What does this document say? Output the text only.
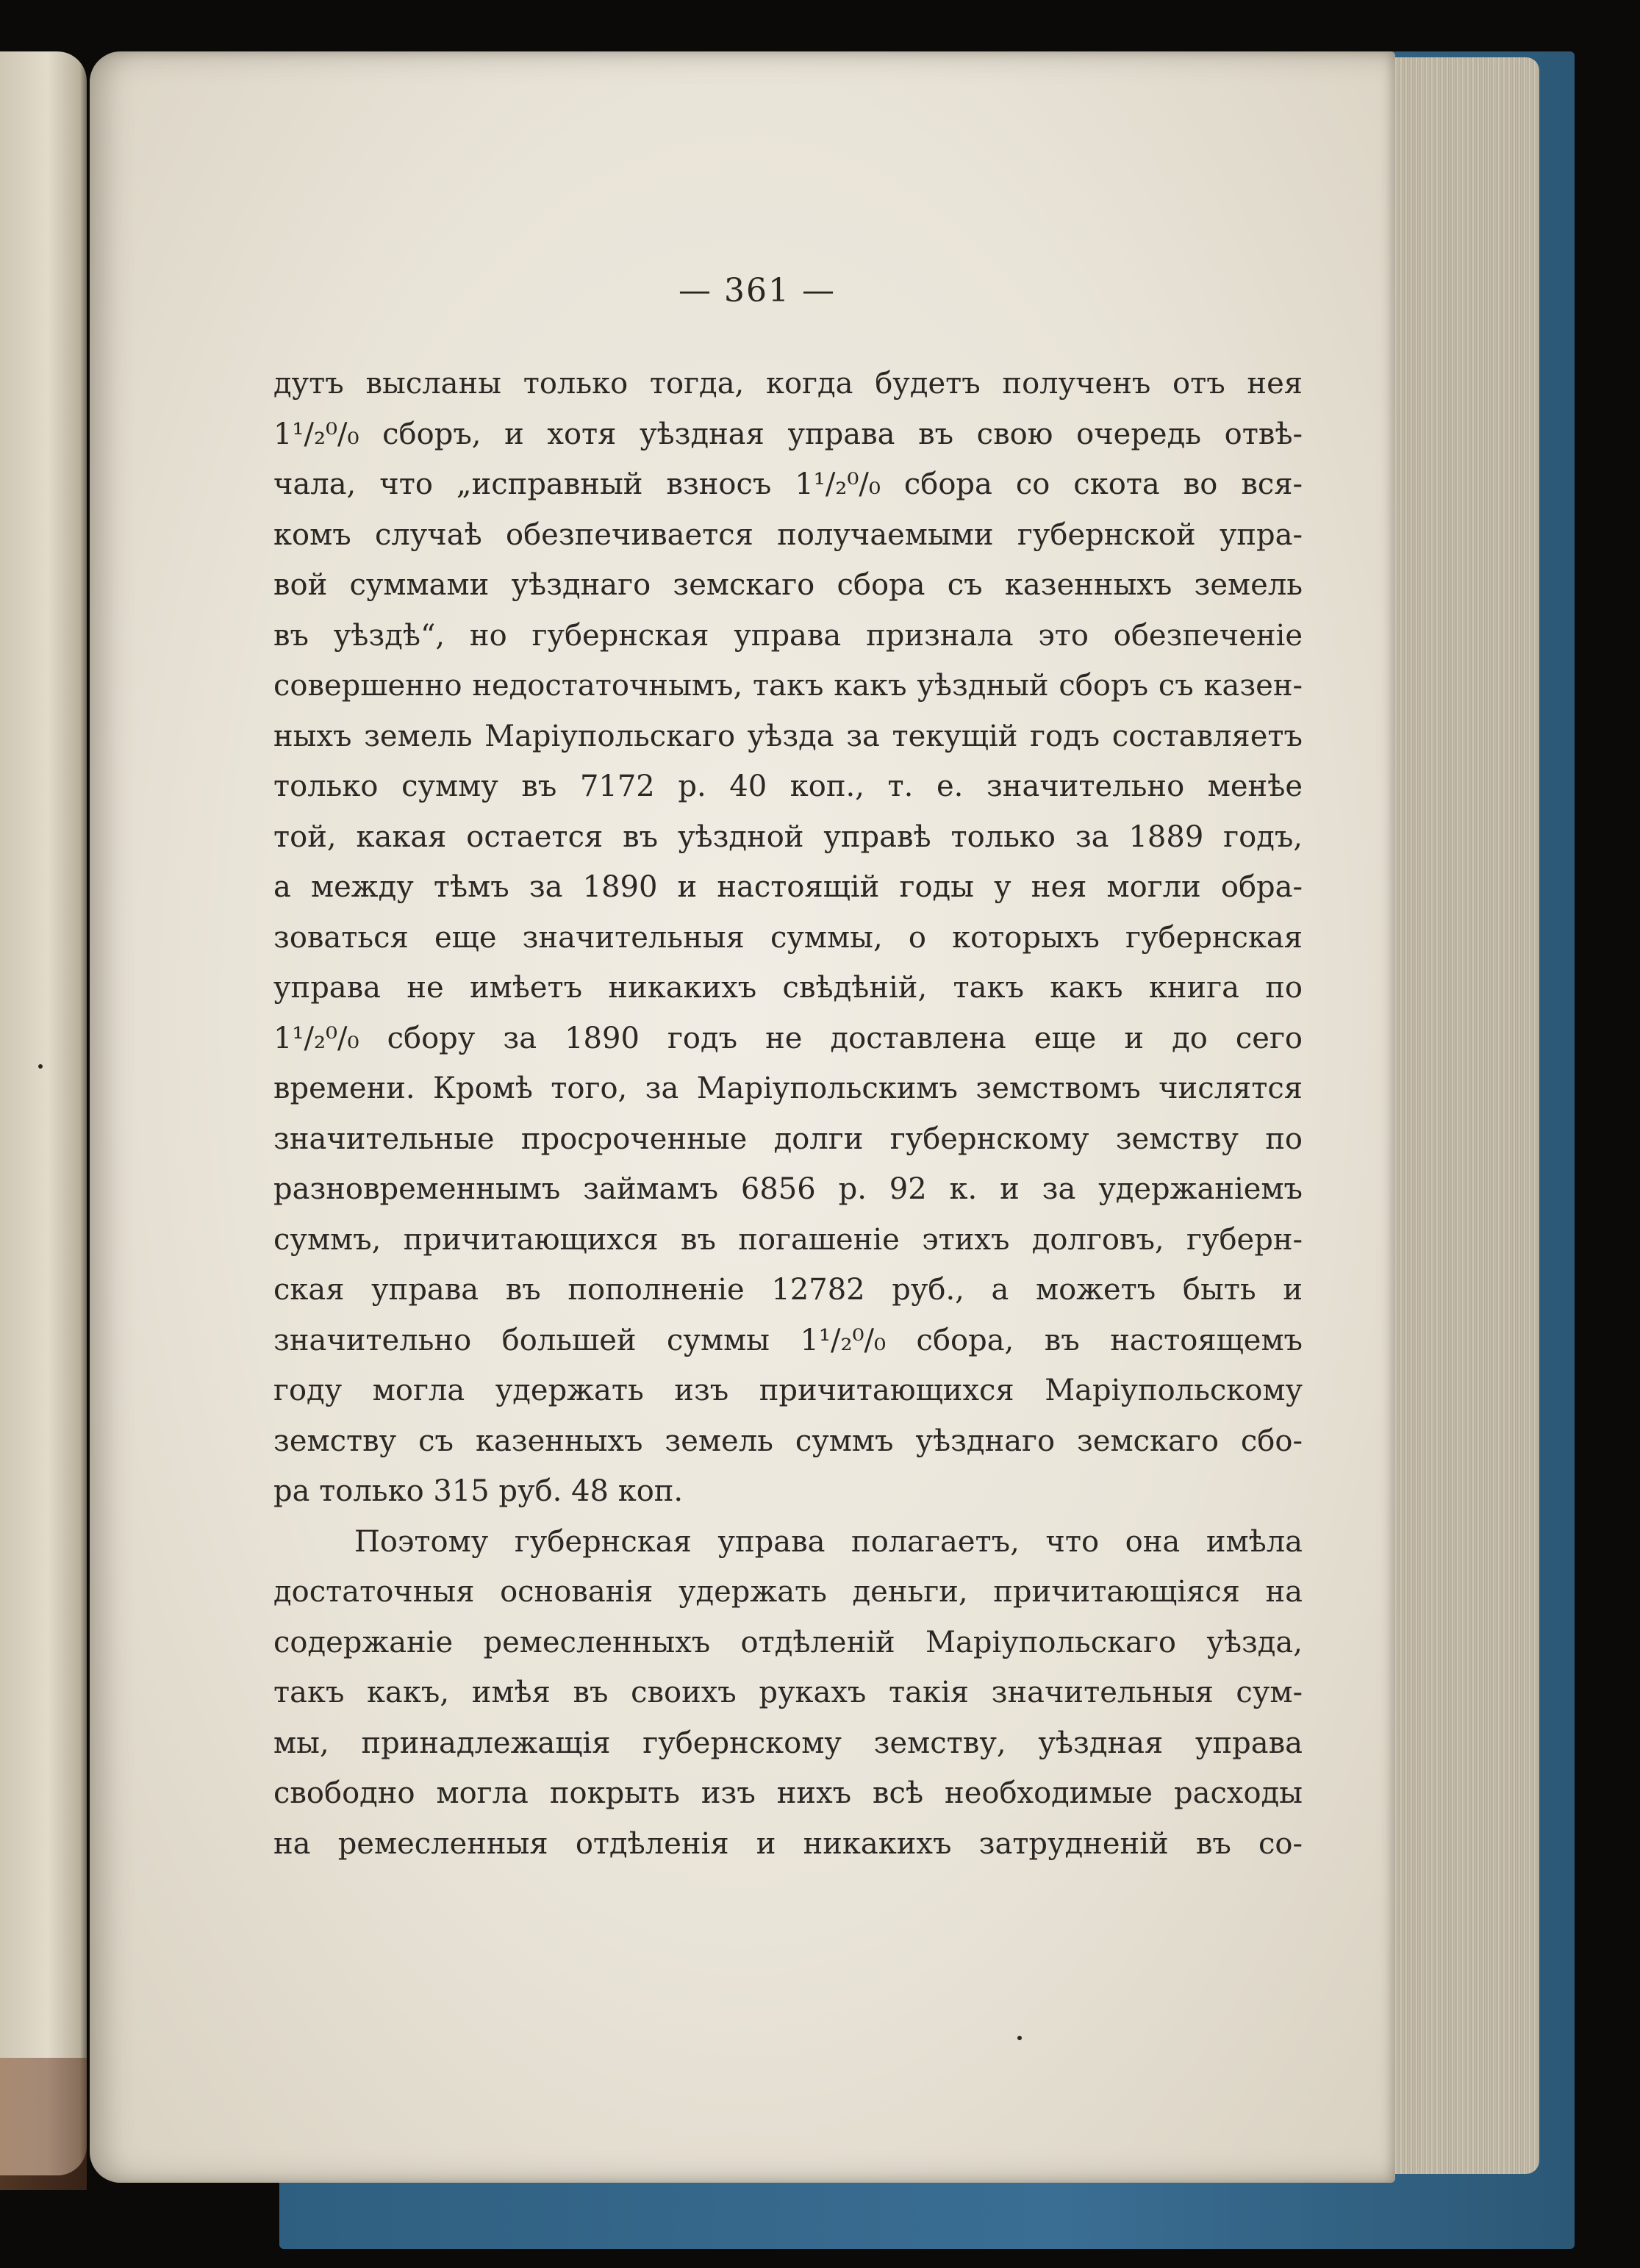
— 361 —
дутъ высланы только тогда, когда будетъ полученъ отъ нея
1¹/₂⁰/₀ сборъ, и хотя уѣздная управа въ свою очередь отвѣ-
чала, что „исправный взносъ 1¹/₂⁰/₀ сбора со скота во вся-
комъ случаѣ обезпечивается получаемыми губернской упра-
вой суммами уѣзднаго земскаго сбора съ казенныхъ земель
въ уѣздѣ“, но губернская управа признала это обезпеченіе
совершенно недостаточнымъ, такъ какъ уѣздный сборъ съ казен-
ныхъ земель Маріупольскаго уѣзда за текущій годъ составляетъ
только сумму въ 7172 р. 40 коп., т. е. значительно менѣе
той, какая остается въ уѣздной управѣ только за 1889 годъ,
а между тѣмъ за 1890 и настоящій годы у нея могли обра-
зоваться еще значительныя суммы, о которыхъ губернская
управа не имѣетъ никакихъ свѣдѣній, такъ какъ книга по
1¹/₂⁰/₀ сбору за 1890 годъ не доставлена еще и до сего
времени. Кромѣ того, за Маріупольскимъ земствомъ числятся
значительные просроченные долги губернскому земству по
разновременнымъ займамъ 6856 р. 92 к. и за удержаніемъ
суммъ, причитающихся въ погашеніе этихъ долговъ, губерн-
ская управа въ пополненіе 12782 руб., а можетъ быть и
значительно большей суммы 1¹/₂⁰/₀ сбора, въ настоящемъ
году могла удержать изъ причитающихся Маріупольскому
земству съ казенныхъ земель суммъ уѣзднаго земскаго сбо-
ра только 315 руб. 48 коп.
Поэтому губернская управа полагаетъ, что она имѣла
достаточныя основанія удержать деньги, причитающіяся на
содержаніе ремесленныхъ отдѣленій Маріупольскаго уѣзда,
такъ какъ, имѣя въ своихъ рукахъ такія значительныя сум-
мы, принадлежащія губернскому земству, уѣздная управа
свободно могла покрыть изъ нихъ всѣ необходимые расходы
на ремесленныя отдѣленія и никакихъ затрудненій въ со-
